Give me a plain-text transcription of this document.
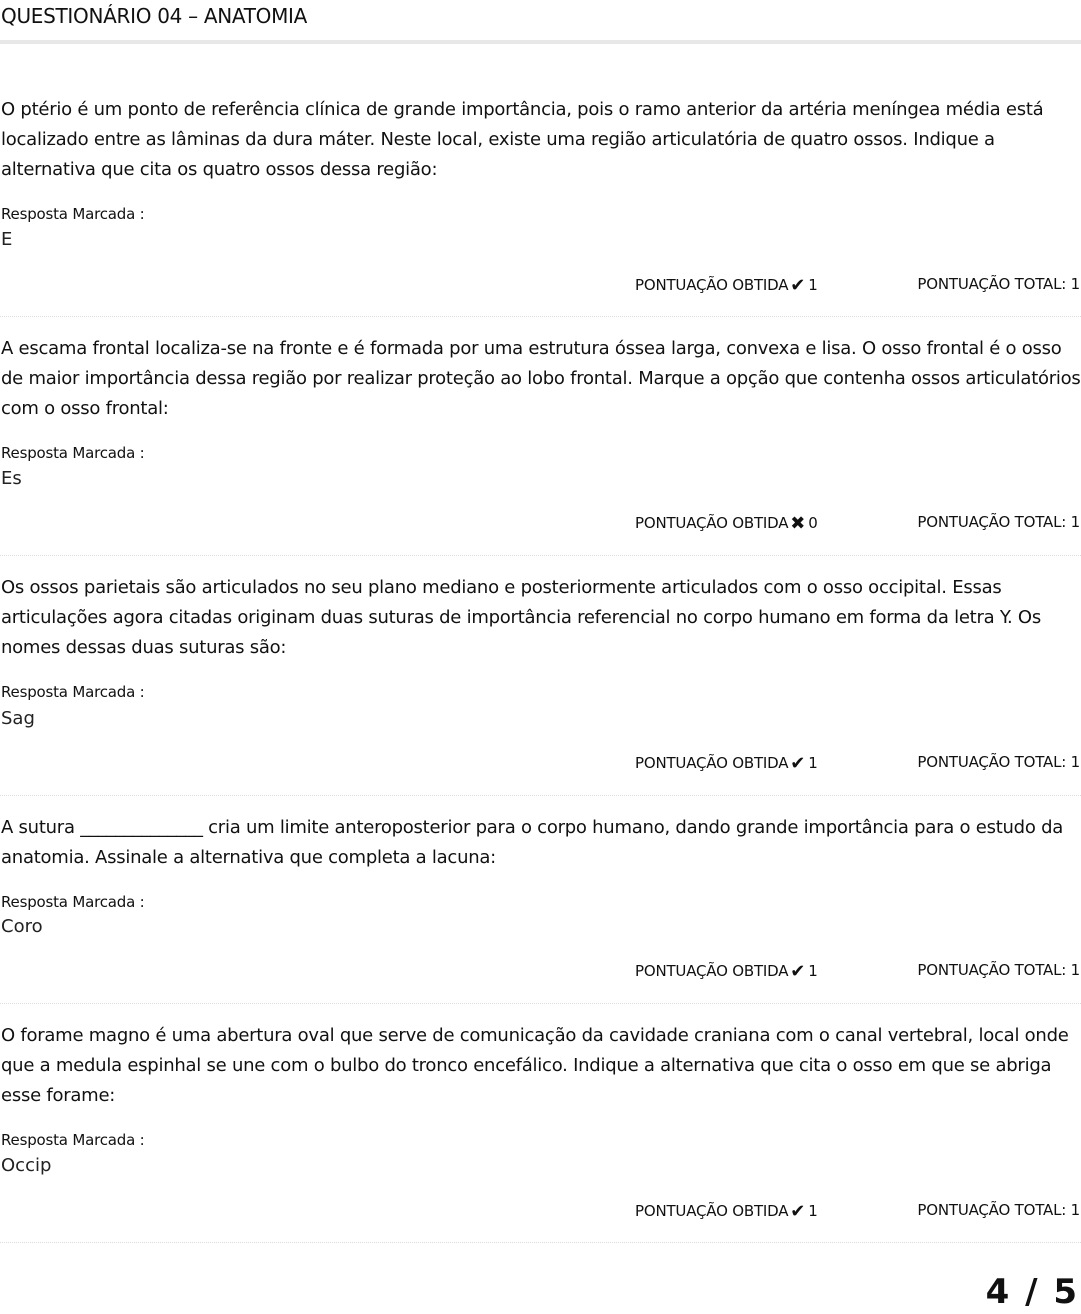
QUESTIONÁRIO 04 – ANATOMIA
O ptério é um ponto de referência clínica de grande importância, pois o ramo anterior da artéria meníngea média está localizado entre as lâminas da dura máter. Neste local, existe uma região articulatória de quatro ossos. Indique a alternativa que cita os quatro ossos dessa região:
Resposta Marcada :
E
PONTUAÇÃO OBTIDA ✔ 1	PONTUAÇÃO TOTAL: 1
A escama frontal localiza-se na fronte e é formada por uma estrutura óssea larga, convexa e lisa. O osso frontal é o osso de maior importância dessa região por realizar proteção ao lobo frontal. Marque a opção que contenha ossos articulatórios com o osso frontal:
Resposta Marcada :
Es
PONTUAÇÃO OBTIDA ✖ 0	PONTUAÇÃO TOTAL: 1
Os ossos parietais são articulados no seu plano mediano e posteriormente articulados com o osso occipital. Essas articulações agora citadas originam duas suturas de importância referencial no corpo humano em forma da letra Y. Os nomes dessas duas suturas são:
Resposta Marcada :
Sag
PONTUAÇÃO OBTIDA ✔ 1	PONTUAÇÃO TOTAL: 1
A sutura ______________ cria um limite anteroposterior para o corpo humano, dando grande importância para o estudo da anatomia. Assinale a alternativa que completa a lacuna:
Resposta Marcada :
Coro
PONTUAÇÃO OBTIDA ✔ 1	PONTUAÇÃO TOTAL: 1
O forame magno é uma abertura oval que serve de comunicação da cavidade craniana com o canal vertebral, local onde que a medula espinhal se une com o bulbo do tronco encefálico. Indique a alternativa que cita o osso em que se abriga esse forame:
Resposta Marcada :
Occip
PONTUAÇÃO OBTIDA ✔ 1	PONTUAÇÃO TOTAL: 1
4 / 5
